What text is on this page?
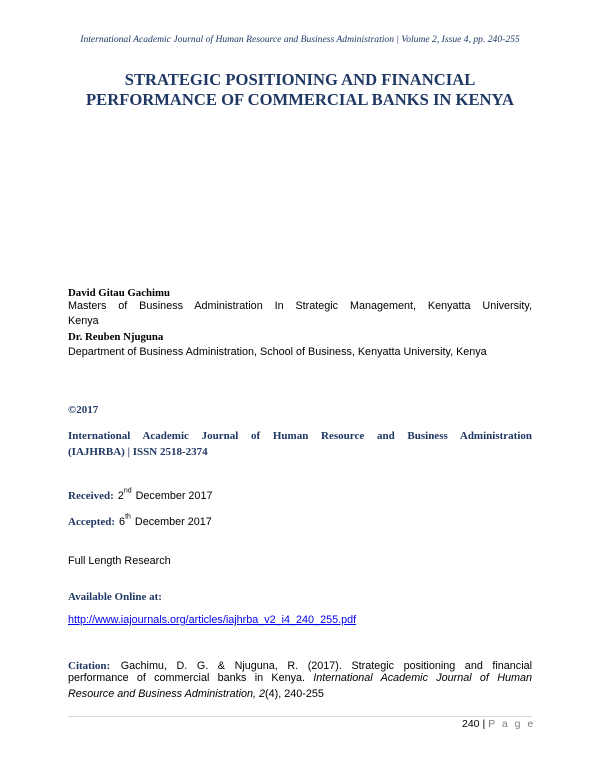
International Academic Journal of Human Resource and Business Administration | Volume 2, Issue 4, pp. 240-255
STRATEGIC POSITIONING AND FINANCIAL
PERFORMANCE OF COMMERCIAL BANKS IN KENYA
David Gitau Gachimu
Masters of Business Administration In Strategic Management, Kenyatta University,
Kenya
Dr. Reuben Njuguna
Department of Business Administration, School of Business, Kenyatta University, Kenya
©2017
International Academic Journal of Human Resource and Business Administration
(IAJHRBA) | ISSN 2518-2374
Received: 2nd December 2017
Accepted: 6th December 2017
Full Length Research
Available Online at:
http://www.iajournals.org/articles/iajhrba_v2_i4_240_255.pdf
Citation: Gachimu, D. G. & Njuguna, R. (2017). Strategic positioning and financial
performance of commercial banks in Kenya. International Academic Journal of Human
Resource and Business Administration, 2(4), 240-255
240 | P a g e
